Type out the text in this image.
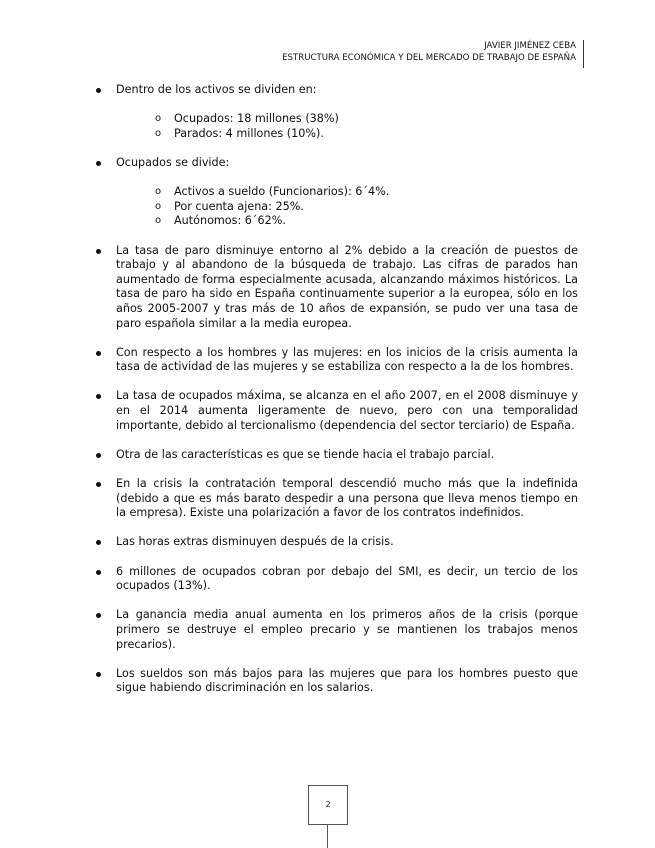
JAVIER JIMÉNEZ CEBA
ESTRUCTURA ECONÓMICA Y DEL MERCADO DE TRABAJO DE ESPAÑA
Dentro de los activos se dividen en:
o Ocupados: 18 millones (38%)
o Parados: 4 millones (10%).
Ocupados se divide:
o Activos a sueldo (Funcionarios): 6´4%.
o Por cuenta ajena: 25%.
o Autónomos: 6´62%.
La tasa de paro disminuye entorno al 2% debido a la creación de puestos de trabajo y al abandono de la búsqueda de trabajo. Las cifras de parados han aumentado de forma especialmente acusada, alcanzando máximos históricos. La tasa de paro ha sido en España continuamente superior a la europea, sólo en los años 2005-2007 y tras más de 10 años de expansión, se pudo ver una tasa de paro española similar a la media europea.
Con respecto a los hombres y las mujeres: en los inicios de la crisis aumenta la tasa de actividad de las mujeres y se estabiliza con respecto a la de los hombres.
La tasa de ocupados máxima, se alcanza en el año 2007, en el 2008 disminuye y en el 2014 aumenta ligeramente de nuevo, pero con una temporalidad importante, debido al tercionalismo (dependencia del sector terciario) de España.
Otra de las características es que se tiende hacia el trabajo parcial.
En la crisis la contratación temporal descendió mucho más que la indefinida (debido a que es más barato despedir a una persona que lleva menos tiempo en la empresa). Existe una polarización a favor de los contratos indefinidos.
Las horas extras disminuyen después de la crisis.
6 millones de ocupados cobran por debajo del SMI, es decir, un tercio de los ocupados (13%).
La ganancia media anual aumenta en los primeros años de la crisis (porque primero se destruye el empleo precario y se mantienen los trabajos menos precarios).
Los sueldos son más bajos para las mujeres que para los hombres puesto que sigue habiendo discriminación en los salarios.
2
